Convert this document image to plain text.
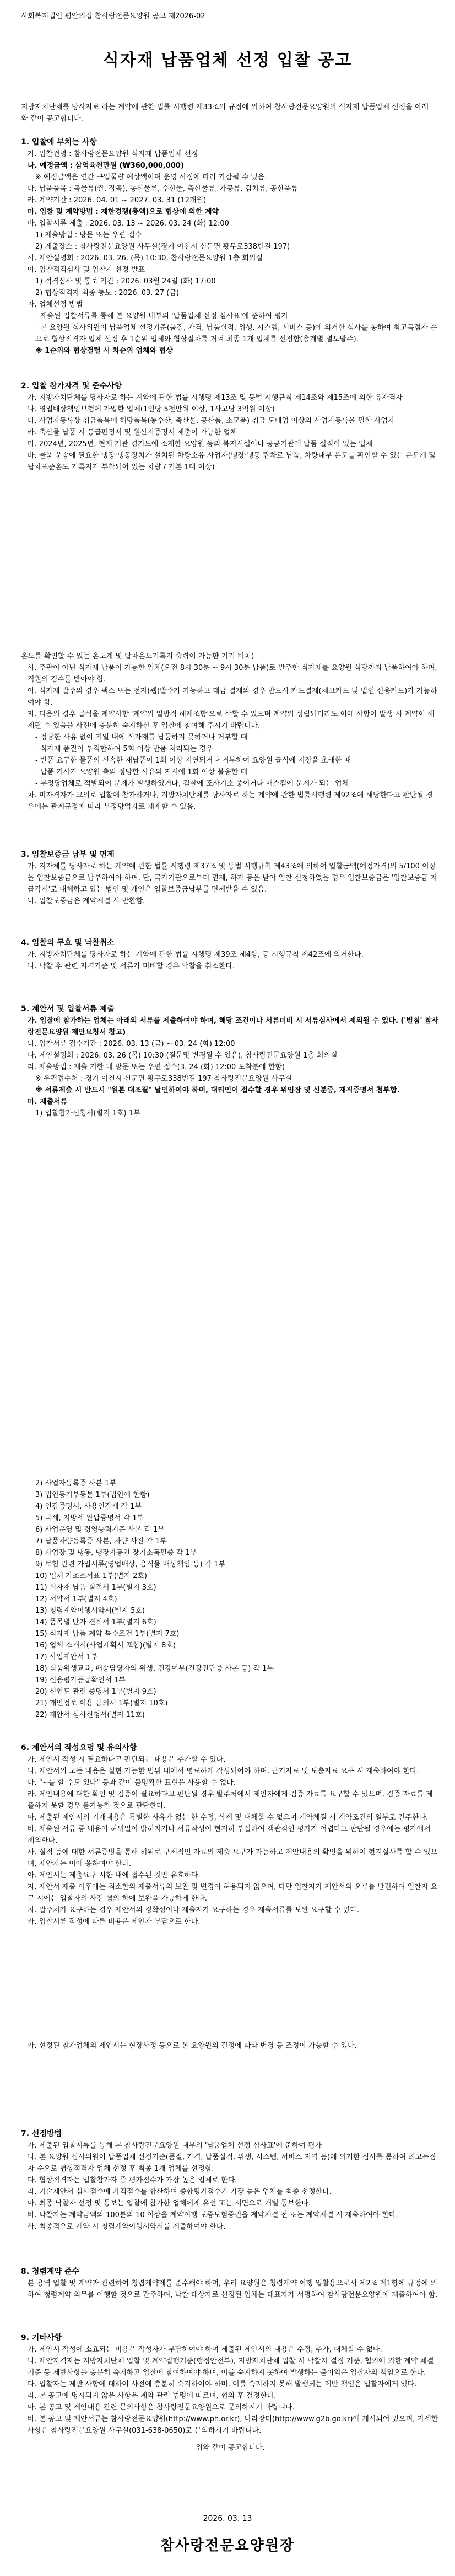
사회복지법인 평안의집 참사랑전문요양원 공고 제2026-02
식자재 납품업체 선정 입찰 공고
지방자치단체를 당사자로 하는 계약에 관한 법률 시행령 제33조의 규정에 의하여 참사랑전문요양원의 식자재 납품업체 선정을 아래와 같이 공고합니다.
1. 입찰에 부치는 사항

가. 입찰건명 : 참사랑전문요양원 식자재 납품업체 선정

나. 예정금액 : 삼억육천만원 (₩360,000,000)

※ 예정금액은 연간 구입물량 예상액이며 운영 사정에 따라 가감될 수 있음.

다. 납품품목 : 곡물류(쌀, 잡곡), 농산물류, 수산물, 축산물류, 가공류, 김치류, 공산품류

라. 계약기간 : 2026. 04. 01 ~ 2027. 03. 31 (12개월)

마. 입찰 및 계약방법 : 제한경쟁(총액)으로 협상에 의한 계약

바. 입찰서류 제출 : 2026. 03. 13 ~ 2026. 03. 24 (화) 12:00

1) 제출방법 : 방문 또는 우편 접수

2) 제출장소 : 참사랑전문요양원 사무실(경기 이천시 신둔면 황무로338번길 197)

사. 제안설명회 : 2026. 03. 26. (목) 10:30, 참사랑전문요양원 1층 회의실

아. 입찰적격심사 및 입찰자 선정 발표

1) 적격심사 및 통보 기간 : 2026. 03월 24일 (화) 17:00

2) 협상적격자 최종 통보 : 2026. 03. 27 (금)

자. 업체선정 방법

- 제출된 입찰서류를 통해 본 요양원 내부의 '납품업체 선정 심사표'에 준하여 평가

- 본 요양원 심사위원이 납품업체 선정기준(품질, 가격, 납품실적, 위생, 시스템, 서비스 등)에 의거한 심사를 통하여 최고득점자 순으로 협상적격자 업체 선정 후 1순위 업체와 협상절차를 거쳐 최종 1개 업체를 선정함(총계별 별도발주).

※ 1순위와 협상결렬 시 차순위 업체와 협상

2. 입찰 참가자격 및 준수사항

가. 지방자치단체를 당사자로 하는 계약에 관한 법률 시행령 제13조 및 동법 시행규칙 제14조와 제15조에 의한 유자격자

나. 영업배상책임보험에 가입한 업체(1인당 5천만원 이상, 1사고당 3억원 이상)

다. 사업자등록상 취급품목에 해당품목(농수산, 축산물, 공산품, 소모품) 취급 도매업 이상의 사업자등록을 필한 사업자

라. 축산물 납품 시 등급판정서 및 원산지증명서 제출이 가능한 업체

마. 2024년, 2025년, 현재 기관 경기도에 소재한 요양원 등의 복지시설이나 공공기관에 납품 실적이 있는 업체

바. 물품 운송에 필요한 냉장·냉동장치가 설치된 차량소유 사업자(냉장·냉동 탑차로 납품, 차량내부 온도를 확인할 수 있는 온도계 및 탑차표준온도 기록지가 부착되어 있는 차량 / 기본 1대 이상)

온도를 확인할 수 있는 온도계 및 탑차온도기록지 출력이 가능한 기기 비치)

사. 주관이 아닌 식자재 납품이 가능한 업체(오전 8시 30분 ~ 9시 30분 납품)로 발주한 식자재를 요양원 식당까지 납품하여야 하며, 직원의 검수를 받아야 함.

아. 식자재 발주의 경우 팩스 또는 전자(웹)발주가 가능하고 대금 결제의 경우 반드시 카드결제(체크카드 및 법인 신용카드)가 가능하여야 함.

자. 다음의 경우 급식을 계약사항 '계약의 일방적 해제조항'으로 삭할 수 있으며 계약의 성립되더라도 이에 사항이 발생 시 계약이 해제될 수 있음을 사전에 충분히 숙지하신 후 입찰에 참여해 주시기 바랍니다.

- 정당한 사유 없이 기일 내에 식자재를 납품하지 못하거나 거부할 때

- 식자재 품질이 부적합하여 5회 이상 반품 처리되는 경우

- 반품 요구한 물품의 신속한 재납품이 1회 이상 지연되거나 거부하여 요양원 급식에 지장을 초래한 때

- 납품 기사가 요양원 측의 정당한 사유의 지시에 1회 이상 불응한 때

- 부정당업체로 적발되어 문제가 발생하였거나, 검찰에 조사기소 중이거나 매스컴에 문제가 되는 업체

차. 미자격자가 고의로 입찰에 참가하거나, 지방자치단체를 당사자로 하는 계약에 관한 법률시행령 제92조에 해당한다고 판단될 경우에는 관계규정에 따라 부정당업자로 제재할 수 있음.

3. 입찰보증금 납부 및 면제

가. 지자체를 당사자로 하는 계약에 관한 법률 시행령 제37조 및 동법 시행규칙 제43조에 의하여 입찰금액(예정가격)의 5/100 이상을 입찰보증금으로 납부하여야 하며, 단, 국가기관으로부터 면제, 하자 등을 받아 입찰 신청하였을 경우 입찰보증금은 '입찰보증금 지급각서'로 대체하고 있는 법인 및 개인은 입찰보증금납부를 면제받을 수 있음.

나. 입찰보증금은 계약체결 시 반환함.

4. 입찰의 무효 및 낙찰취소

가. 지방자치단체를 당사자로 하는 계약에 관한 법률 시행령 제39조 제4항, 동 시행규칙 제42조에 의거한다.

나. 낙찰 후 관련 자격기준 및 서류가 미비할 경우 낙찰을 취소한다.

5. 제안서 및 입찰서류 제출

가. 입찰에 참가하는 업체는 아래의 서류를 제출하여야 하며, 해당 조건이나 서류미비 시 서류심사에서 제외될 수 있다. ('별첨' 참사랑전문요양원 제안요청서 참고)

나. 입찰서류 접수기간 : 2026. 03. 13 (금) ~ 03. 24 (화) 12:00

다. 제안설명회 : 2026. 03. 26 (목) 10:30 (질문및 변경될 수 있음), 참사랑전문요양원 1층 회의실

라. 제출방법 : 제출 기한 내 방문 또는 우편 접수(3. 24 (화) 12:00 도착분에 한함)

※ 우편접수처 : 경기 이천시 신둔면 황무로338번길 197 참사랑전문요양원 사무실

※ 서류제출 시 반드시 "원본 대조필" 날인하여야 하며, 대리인이 접수할 경우 위임장 및 신분증, 재직증명서 첨부함.

마. 제출서류

1) 입찰참가신청서(별지 1호) 1부

2) 사업자등록증 사본 1부

3) 법인등기부등본 1부(법인에 한함)

4) 인감증명서, 사용인감계 각 1부

5) 국세, 지방세 완납증명서 각 1부

6) 사업운영 및 경영능력기준 사본 각 1부

7) 납품차량등록증 사본, 차량 사진 각 1부

8) 사업장 및 냉동, 냉장자동인 장기소독필증 각 1부

9) 보험 관련 가입서류(영업배상, 음식물 배상책임 등) 각 1부

10) 업체 가조조서표 1부(별지 2호)

11) 식자재 납품 실적서 1부(별지 3호)

12) 서약서 1부(별지 4호)

13) 청렴계약이행서약서(별지 5호)

14) 품목별 단가 견적서 1부(별지 6호)

15) 식자재 납품 계약 특수조건 1부(별지 7호)

16) 업체 소개서(사업계획서 포함)(별지 8호)

17) 사업제안서 1부

18) 식품위생교육, 배송담당자의 위생, 건강여부(건강진단증 사본 등) 각 1부

19) 신용평가등급확인서 1부

20) 신인도 관련 증명서 1부(별지 9호)

21) 개인정보 이용 동의서 1부(별지 10호)

22) 제안서 심사신청서(별지 11호)

6. 제안서의 작성요령 및 유의사항

가. 제안서 작성 시 필요하다고 판단되는 내용은 추가할 수 있다.

나. 제안서의 모든 내용은 실현 가능한 범위 내에서 명료하게 작성되어야 하며, 근거자료 및 보충자료 요구 시 제출하여야 한다.

다. "~를 할 수도 있다" 등과 같이 불명확한 표현은 사용할 수 없다.

라. 제안내용에 대한 확인 및 검증이 필요하다고 판단될 경우 발주처에서 제안자에게 검증 자료를 요구할 수 있으며, 검증 자료를 제출하지 못할 경우 불가능한 것으로 판단한다.

마. 제출된 제안서의 기재내용은 특별한 사유가 없는 한 수정, 삭제 및 대체할 수 없으며 계약체결 시 계약조건의 일부로 간주한다.

바. 제출된 서류 중 내용이 허위일이 밝혀지거나 서류작성이 현저히 부실하여 객관적인 평가가 어렵다고 판단될 경우에는 평가에서 제외한다.

사. 실적 등에 대한 서류증빙을 통해 허위로 구체적인 자료의 제출 요구가 가능하고 제안내용의 확인을 위하여 현지실사를 할 수 있으며, 제안자는 이에 응하여야 한다.

아. 제안서는 제출요구 시한 내에 접수된 것만 유효하다.

자. 제안서 제출 이후에는 최소한의 제출서류의 보완 및 변경이 허용되지 않으며, 다만 입찰자가 제안서의 오류를 발견하여 입찰자 요구 시에는 입찰자의 사전 협의 하에 보완을 가능하게 한다.

차. 발주처가 요구하는 경우 제안서의 정확성이나 제출자가 요구하는 경우 제출서류를 보완 요구할 수 있다.

카. 입찰서류 작성에 따른 비용은 제안자 부담으로 한다.

카. 선정된 참가업체의 제안서는 현장사정 등으로 본 요양원의 결정에 따라 변경 등 조정이 가능할 수 있다.

7. 선정방법

가. 제출된 입찰서류를 통해 본 참사랑전문요양원 내부의 '납품업체 선정 심사표'에 준하여 평가

나. 본 요양원 심사위원이 납품업체 선정기준(품질, 가격, 납품실적, 위생, 시스템, 서비스 지역 등)에 의거한 심사를 통하여 최고득점자 순으로 협상적격자 업체 선정 후 최종 1개 업체를 선정함.

다. 협상적격자는 입찰참가자 중 평가점수가 가장 높은 업체로 한다.

라. 기술제안서 심사점수에 가격점수를 합산하여 종합평가점수가 가장 높은 업체를 최종 선정한다.

마. 최종 낙찰자 선정 및 통보는 입찰에 참가한 업체에게 유선 또는 서면으로 개별 통보한다.

바. 낙찰자는 계약금액의 100분의 10 이상을 계약이행 보증보험증권을 계약체결 전 또는 계약체결 시 제출하여야 한다.

사. 최종적으로 계약 시 청렴계약이행서약서를 제출하여야 한다.

8. 청렴계약 준수

본 용역 입찰 및 계약과 관련하여 청렴계약제를 준수해야 하며, 우리 요양원은 청렴계약 이행 입찰용으로서 제2조 제1항에 규정에 의하여 청렴계약 의무를 이행할 것으로 간주하며, 낙찰 대상자로 선정된 업체는 대표자가 서명하여 참사랑전문요양원에 제출하여야 함.

9. 기타사항

가. 제안서 작성에 소요되는 비용은 작성자가 부담하여야 하며 제출된 제안서의 내용은 수정, 추가, 대체할 수 없다.

나. 제안자격자는 지방자치단체 입찰 및 계약집행기준(행정안전부), 지방자치단체 입찰 시 낙찰자 결정 기준, 협의에 의한 계약 체결 기준 등 제반사항을 충분히 숙지하고 입찰에 참여하여야 하며, 이를 숙지하지 못하여 발생하는 불이익은 입찰자의 책임으로 한다.

다. 입찰자는 제반 사항에 대하여 사전에 충분히 숙지하여야 하며, 이를 숙지하지 못해 발생되는 제반 책임은 입찰자에게 있다.

라. 본 공고에 명시되지 않은 사항은 계약 관련 법령에 따르며, 협의 후 결정한다.

마. 본 공고 및 제안내용 관련 문의사항은 참사랑전문요양원으로 문의하시기 바랍니다.

바. 본 공고 및 제안서류는 참사랑전문요양원(http://www.ph.or.kr), 나라장터(http://www.g2b.go.kr)에 게시되어 있으며, 자세한 사항은 참사랑전문요양원 사무실(031-638-0650)로 문의하시기 바랍니다.

위와 같이 공고합니다.

2026. 03. 13
참사랑전문요양원장
